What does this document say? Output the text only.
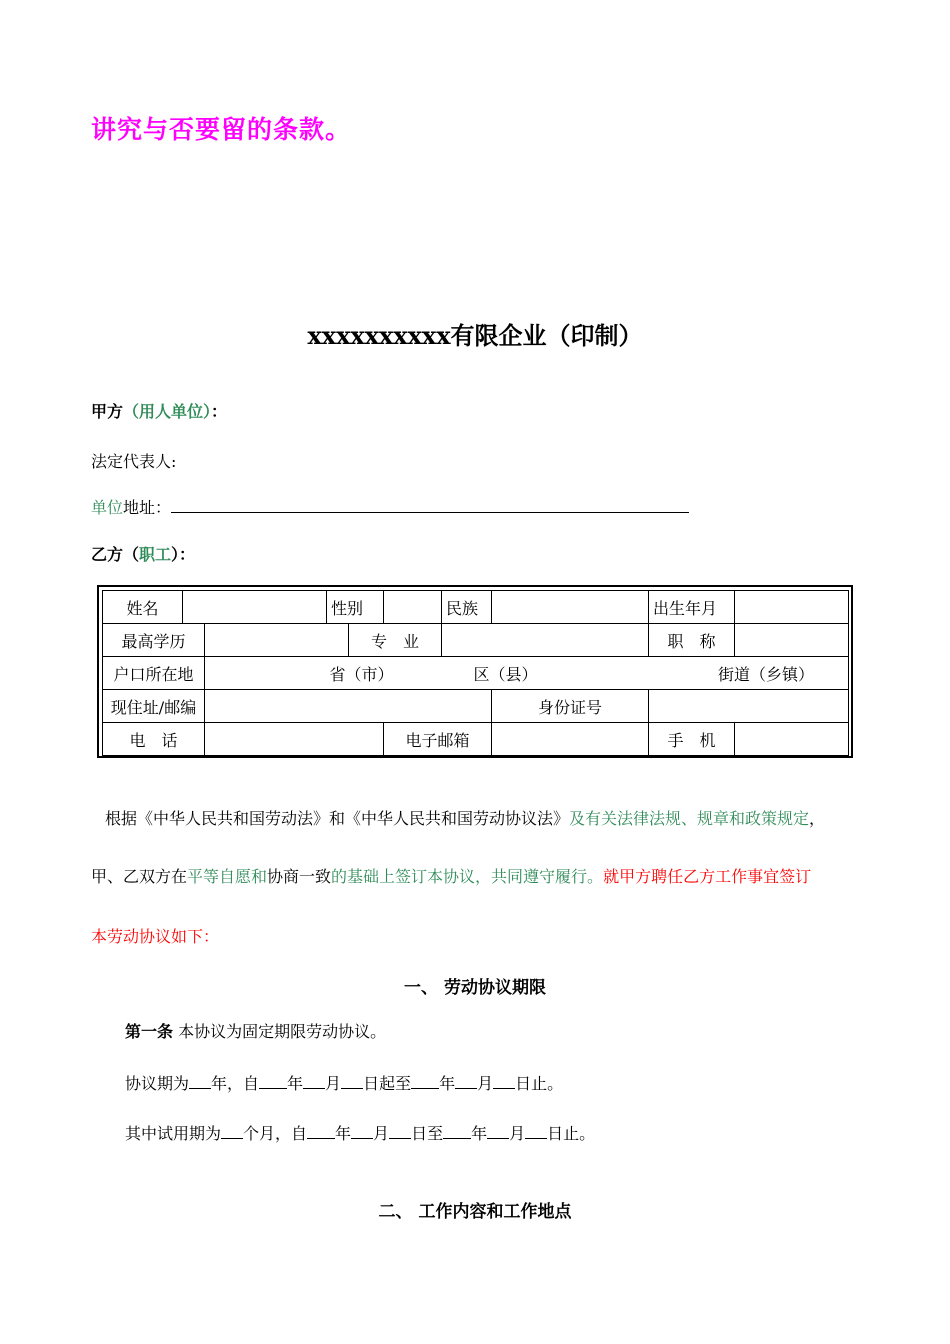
讲究与否要留的条款。
xxxxxxxxxx有限企业（印制）
甲方（用人单位）：
法定代表人:
单位地址：
乙方（职工）：
姓名			性别				民族			出生年月	
最高学历				专　业						职　称	
户口所在地		省（市）				区（县）			街道（乡镇）		
现住址/邮编								身份证号			
电　话					电子邮箱					手　机	
根据《中华人民共和国劳动法》和《中华人民共和国劳动协议法》及有关法律法规、规章和政策规定，
甲、乙双方在平等自愿和协商一致的基础上签订本协议，共同遵守履行。就甲方聘任乙方工作事宜签订
本劳动协议如下：
一、 劳动协议期限
第一条 本协议为固定期限劳动协议。
协议期为 年，自 年 月 日起至 年 月 日止。
其中试用期为 个月，自 年 月 日至 年 月 日止。
二、 工作内容和工作地点
